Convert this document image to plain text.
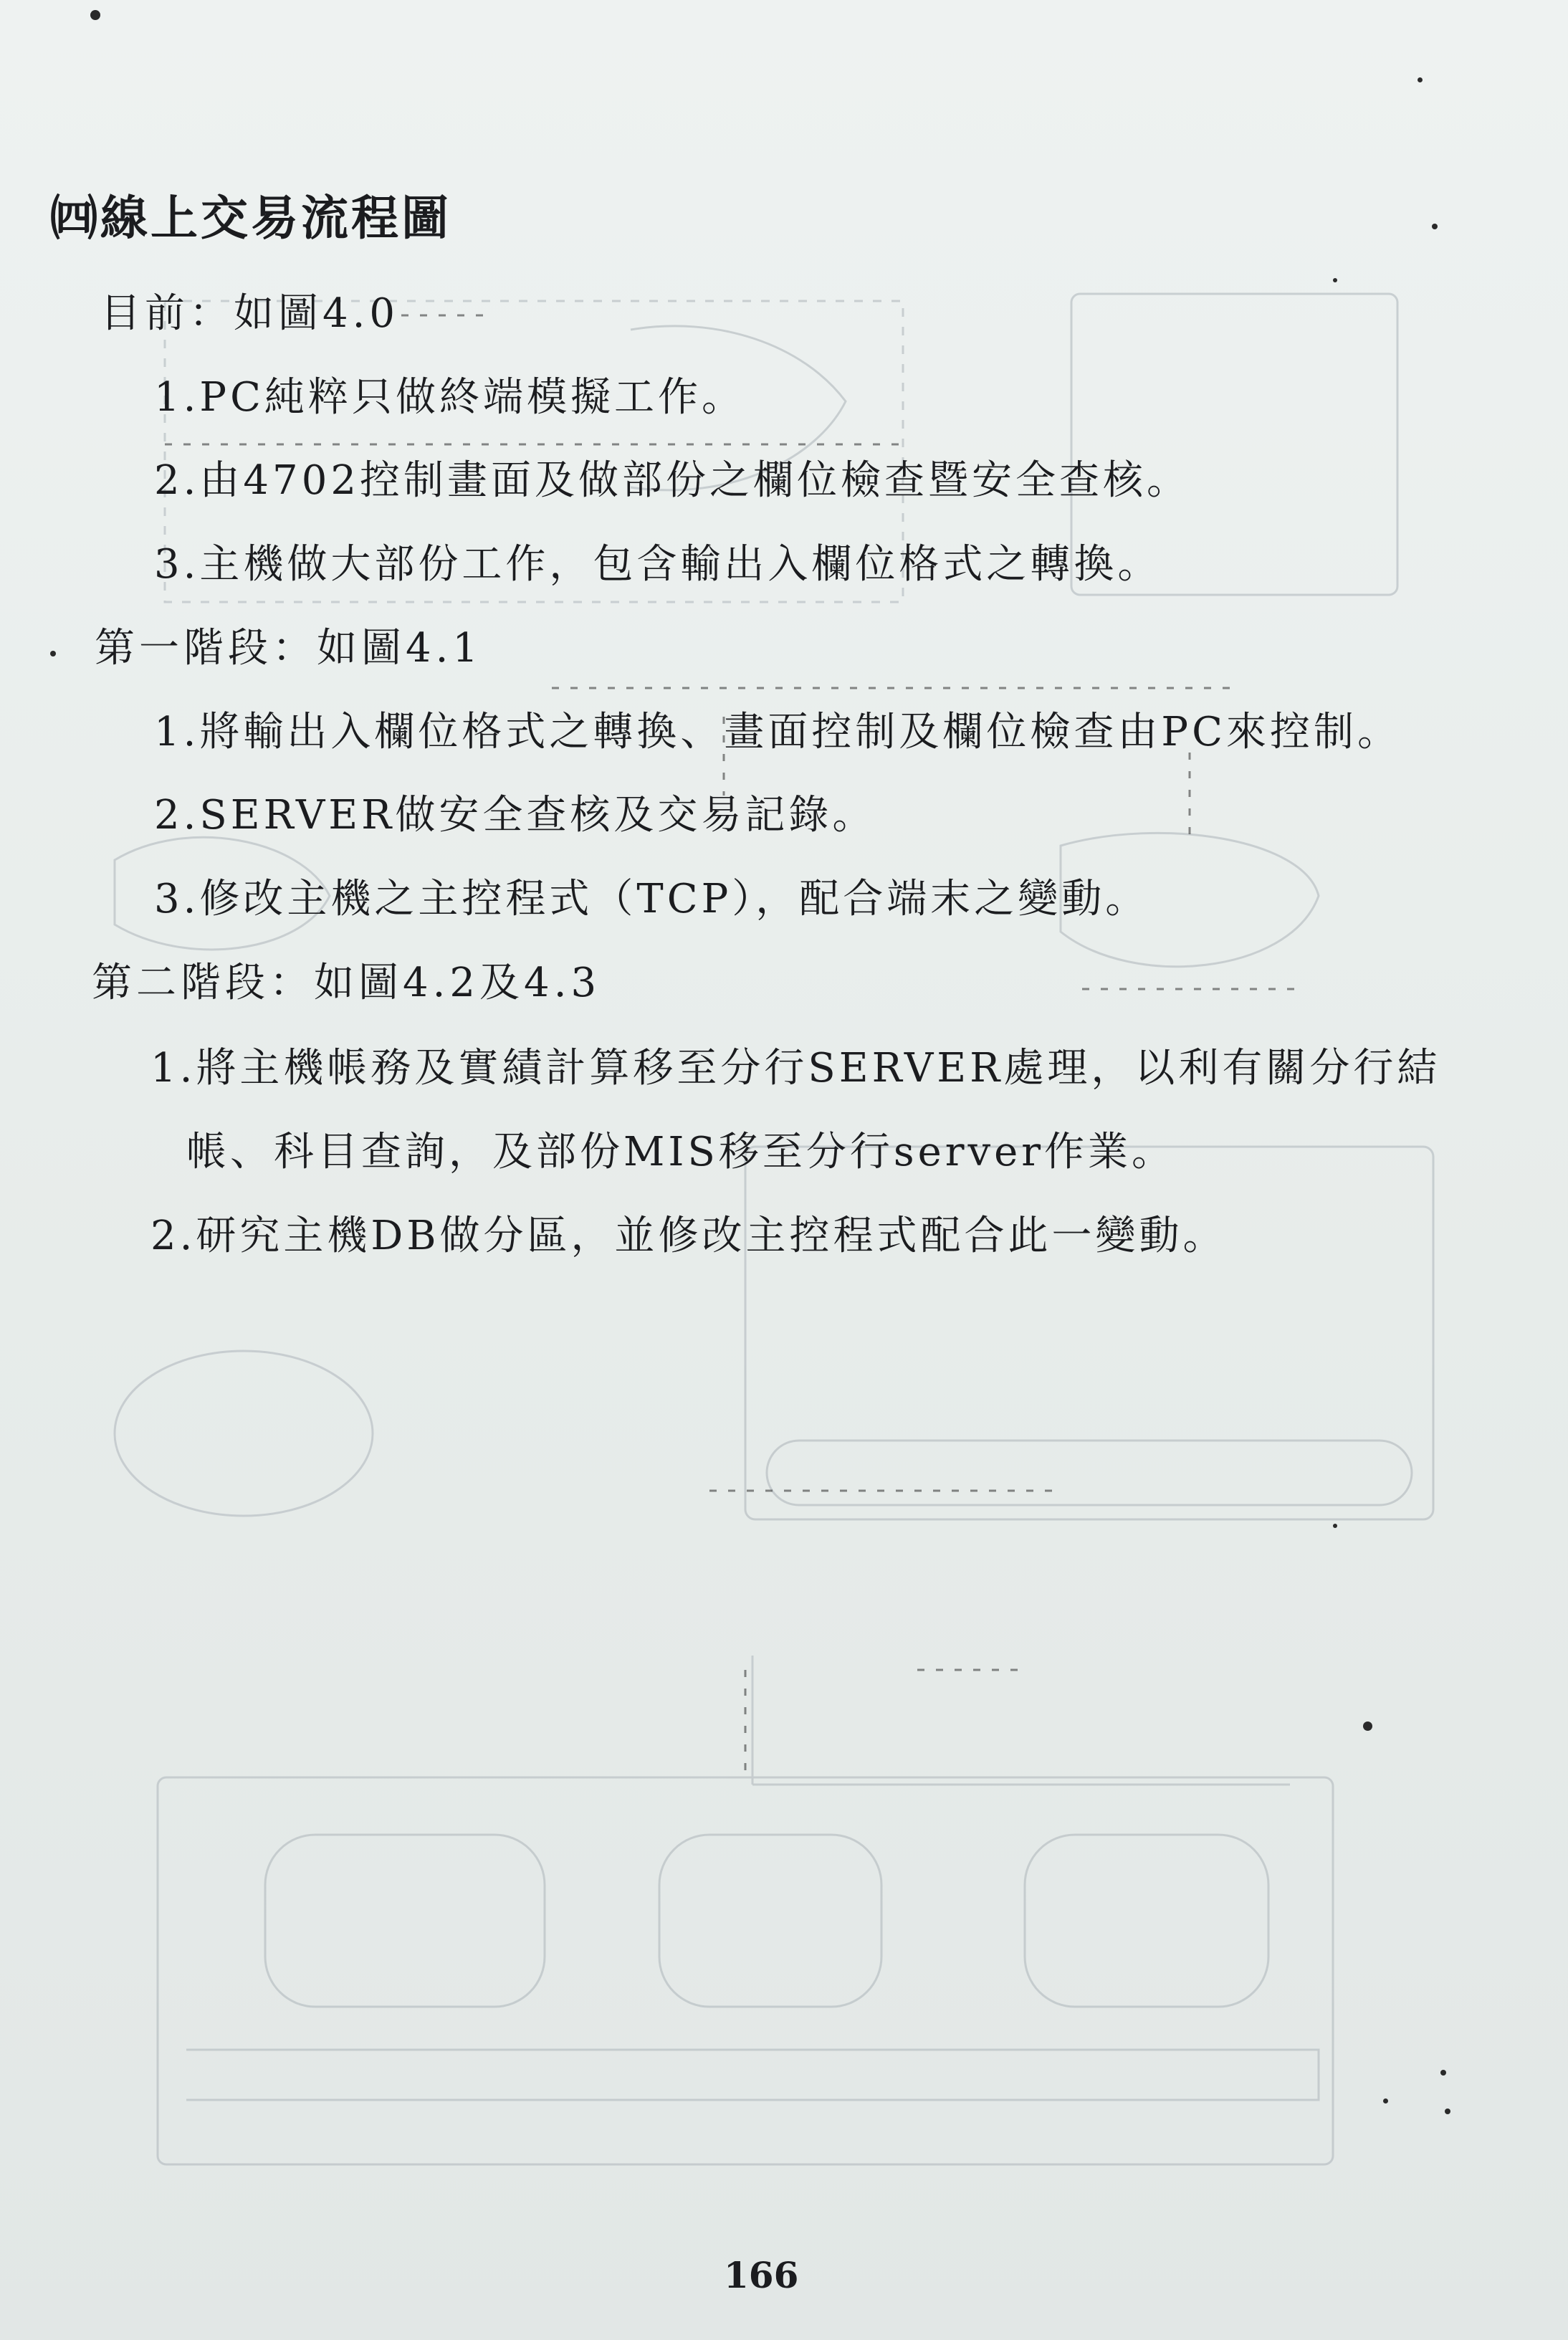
㈣線上交易流程圖
目前：如圖4.0
1.PC純粹只做終端模擬工作。
2.由4702控制畫面及做部份之欄位檢查暨安全查核。
3.主機做大部份工作，包含輸出入欄位格式之轉換。
第一階段：如圖4.1
1.將輸出入欄位格式之轉換、畫面控制及欄位檢查由PC來控制。
2.SERVER做安全查核及交易記錄。
3.修改主機之主控程式（TCP），配合端末之變動。
第二階段：如圖4.2及4.3
1.將主機帳務及實績計算移至分行SERVER處理，以利有關分行結
帳、科目查詢，及部份MIS移至分行server作業。
2.研究主機DB做分區，並修改主控程式配合此一變動。
166
